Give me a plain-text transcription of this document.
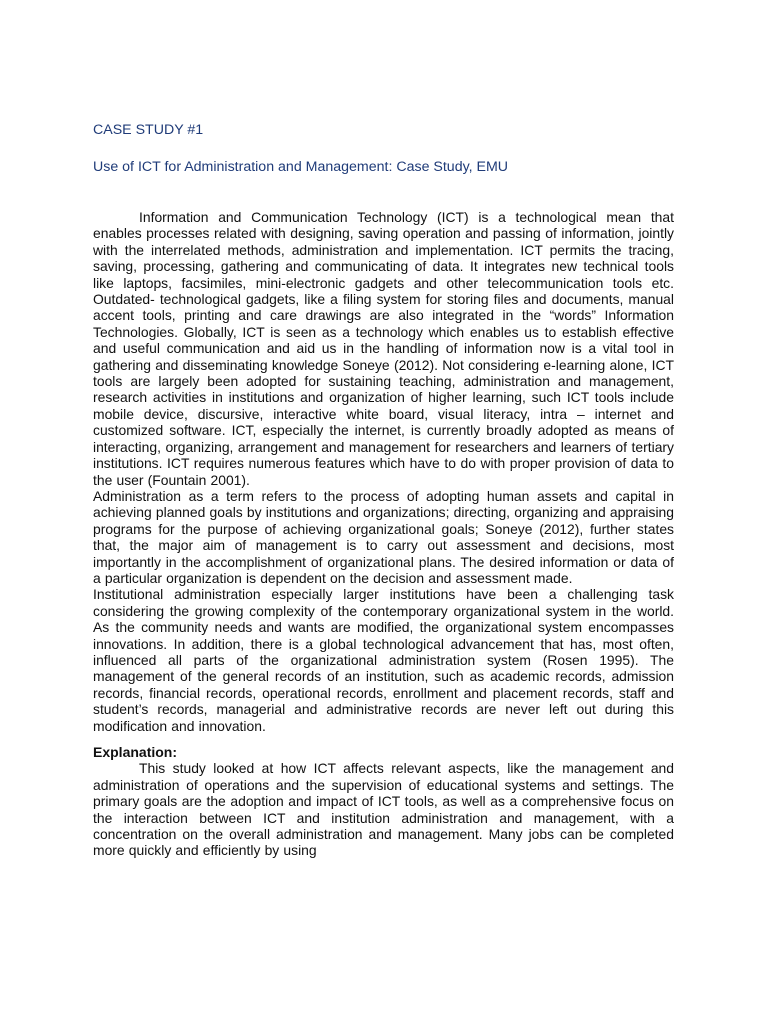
CASE STUDY #1

Use of ICT for Administration and Management: Case Study, EMU

Information and Communication Technology (ICT) is a technological mean that enables processes related with designing, saving operation and passing of information, jointly with the interrelated methods, administration and implementation. ICT permits the tracing, saving, processing, gathering and communicating of data. It integrates new technical tools like laptops, facsimiles, mini-electronic gadgets and other telecommunication tools etc. Outdated- technological gadgets, like a filing system for storing files and documents, manual accent tools, printing and care drawings are also integrated in the “words” Information Technologies. Globally, ICT is seen as a technology which enables us to establish effective and useful communication and aid us in the handling of information now is a vital tool in gathering and disseminating knowledge Soneye (2012). Not considering e-learning alone, ICT tools are largely been adopted for sustaining teaching, administration and management, research activities in institutions and organization of higher learning, such ICT tools include mobile device, discursive, interactive white board, visual literacy, intra – internet and customized software. ICT, especially the internet, is currently broadly adopted as means of interacting, organizing, arrangement and management for researchers and learners of tertiary institutions. ICT requires numerous features which have to do with proper provision of data to the user (Fountain 2001).

Administration as a term refers to the process of adopting human assets and capital in achieving planned goals by institutions and organizations; directing, organizing and appraising programs for the purpose of achieving organizational goals; Soneye (2012), further states that, the major aim of management is to carry out assessment and decisions, most importantly in the accomplishment of organizational plans. The desired information or data of a particular organization is dependent on the decision and assessment made.

Institutional administration especially larger institutions have been a challenging task considering the growing complexity of the contemporary organizational system in the world. As the community needs and wants are modified, the organizational system encompasses innovations. In addition, there is a global technological advancement that has, most often, influenced all parts of the organizational administration system (Rosen 1995). The management of the general records of an institution, such as academic records, admission records, financial records, operational records, enrollment and placement records, staff and student’s records, managerial and administrative records are never left out during this modification and innovation.

Explanation:

This study looked at how ICT affects relevant aspects, like the management and administration of operations and the supervision of educational systems and settings. The primary goals are the adoption and impact of ICT tools, as well as a comprehensive focus on the interaction between ICT and institution administration and management, with a concentration on the overall administration and management. Many jobs can be completed more quickly and efficiently by using
